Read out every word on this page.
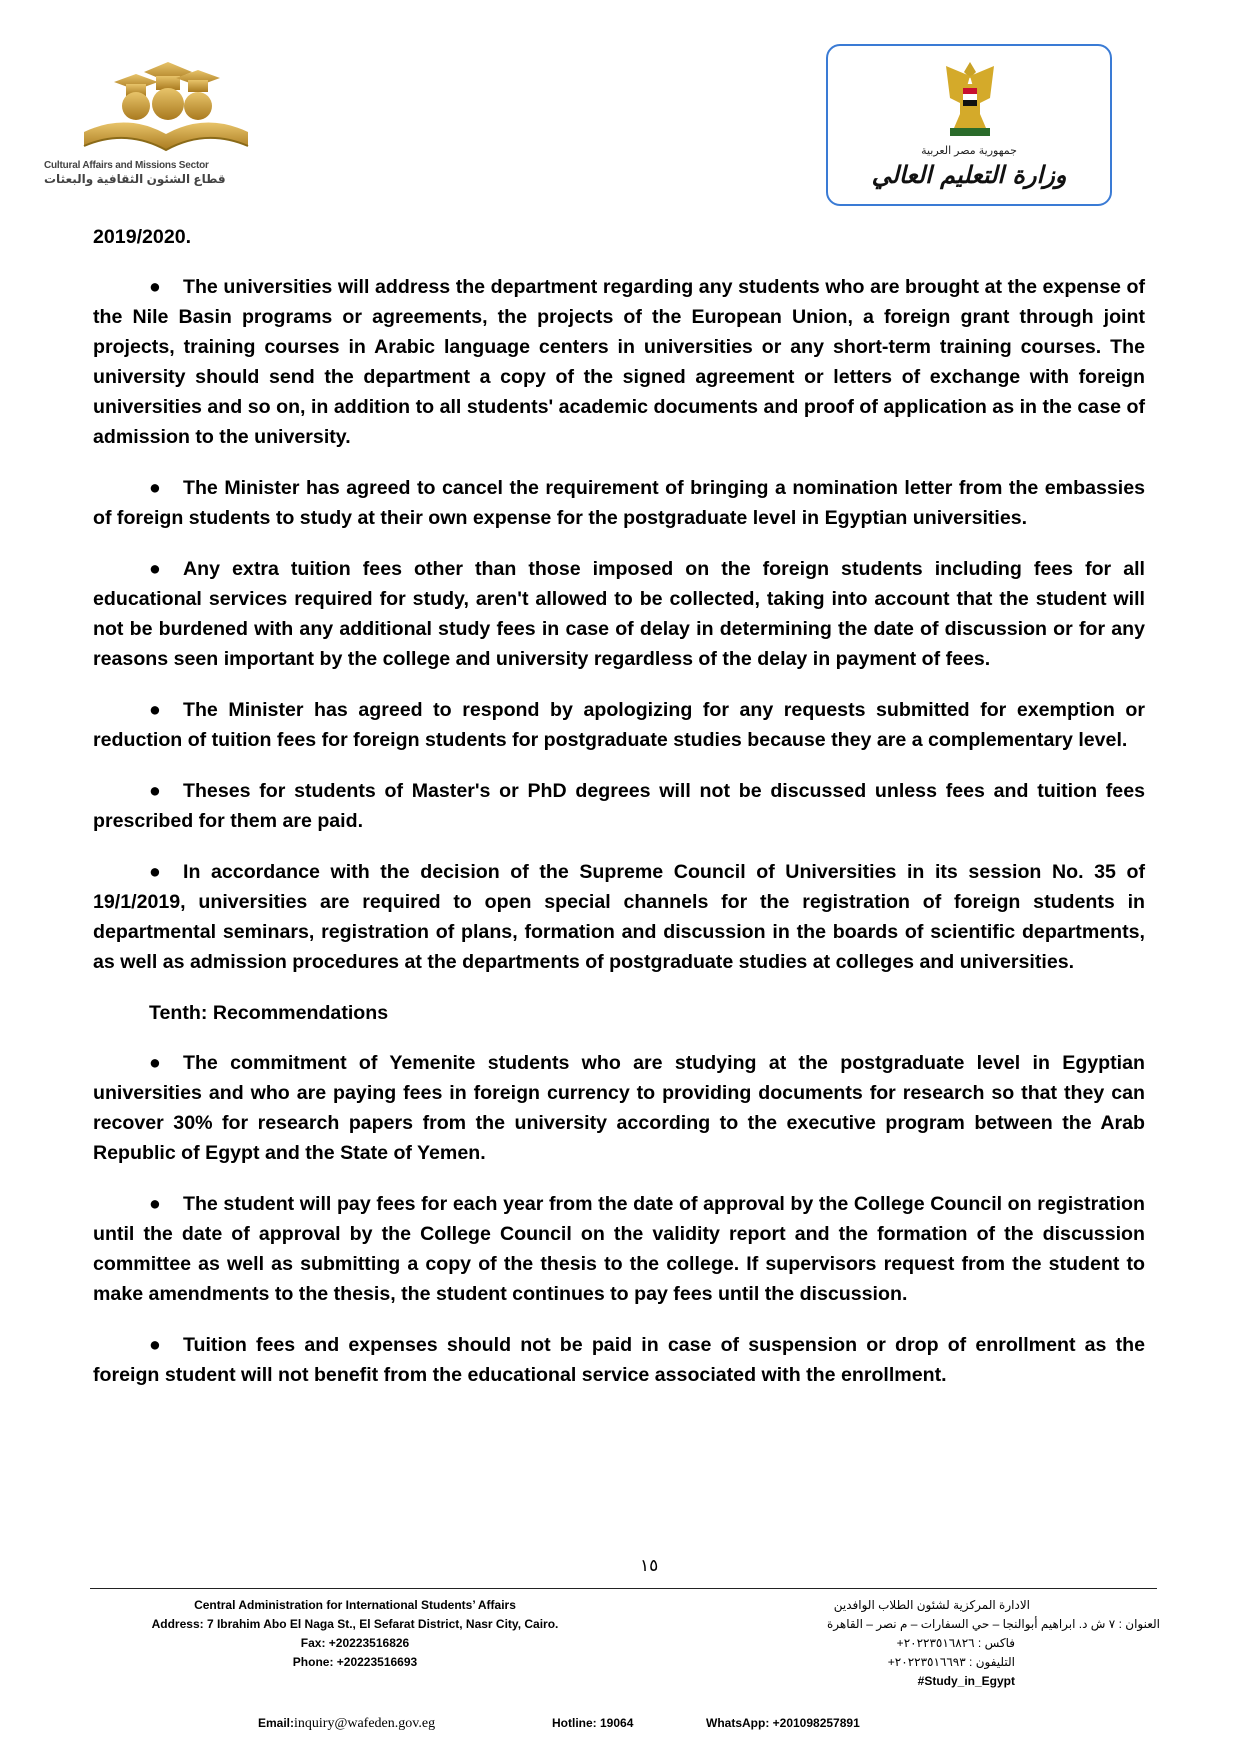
Cultural Affairs and Missions Sector
قطاع الشئون الثقافية والبعثات
جمهورية مصر العربية
وزارة التعليم العالي

2019/2020.

● The universities will address the department regarding any students who are brought at the expense of the Nile Basin programs or agreements, the projects of the European Union, a foreign grant through joint projects, training courses in Arabic language centers in universities or any short-term training courses. The university should send the department a copy of the signed agreement or letters of exchange with foreign universities and so on, in addition to all students' academic documents and proof of application as in the case of admission to the university.

● The Minister has agreed to cancel the requirement of bringing a nomination letter from the embassies of foreign students to study at their own expense for the postgraduate level in Egyptian universities.

● Any extra tuition fees other than those imposed on the foreign students including fees for all educational services required for study, aren't allowed to be collected, taking into account that the student will not be burdened with any additional study fees in case of delay in determining the date of discussion or for any reasons seen important by the college and university regardless of the delay in payment of fees.

● The Minister has agreed to respond by apologizing for any requests submitted for exemption or reduction of tuition fees for foreign students for postgraduate studies because they are a complementary level.

● Theses for students of Master's or PhD degrees will not be discussed unless fees and tuition fees prescribed for them are paid.

● In accordance with the decision of the Supreme Council of Universities in its session No. 35 of 19/1/2019, universities are required to open special channels for the registration of foreign students in departmental seminars, registration of plans, formation and discussion in the boards of scientific departments, as well as admission procedures at the departments of postgraduate studies at colleges and universities.

Tenth: Recommendations

● The commitment of Yemenite students who are studying at the postgraduate level in Egyptian universities and who are paying fees in foreign currency to providing documents for research so that they can recover 30% for research papers from the university according to the executive program between the Arab Republic of Egypt and the State of Yemen.

● The student will pay fees for each year from the date of approval by the College Council on registration until the date of approval by the College Council on the validity report and the formation of the discussion committee as well as submitting a copy of the thesis to the college. If supervisors request from the student to make amendments to the thesis, the student continues to pay fees until the discussion.

● Tuition fees and expenses should not be paid in case of suspension or drop of enrollment as the foreign student will not benefit from the educational service associated with the enrollment.

١٥
Central Administration for International Students’ Affairs
Address: 7 Ibrahim Abo El Naga St., El Sefarat District, Nasr City, Cairo.
Fax: +20223516826
Phone: +20223516693
الادارة المركزية لشئون الطلاب الوافدين
العنوان : ٧ ش د. ابراهيم أبوالنجا – حي السفارات – م نصر – القاهرة
فاكس : ٢٠٢٢٣٥١٦٨٢٦+
التليفون : ٢٠٢٢٣٥١٦٦٩٣+
#Study_in_Egypt
Email:inquiry@wafeden.gov.eg	Hotline: 19064	WhatsApp: +201098257891
